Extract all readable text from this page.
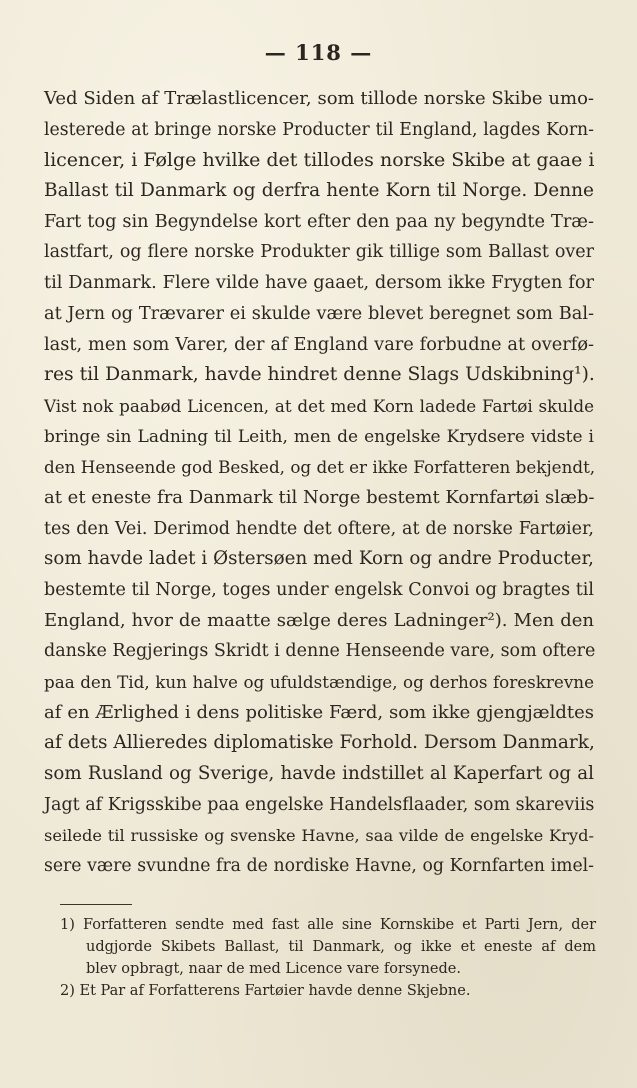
— 118 —
Ved Siden af Trælastlicencer, som tillode norske Skibe umo-
lesterede at bringe norske Producter til England, lagdes Korn-
licencer, i Følge hvilke det tillodes norske Skibe at gaae i
Ballast til Danmark og derfra hente Korn til Norge. Denne
Fart tog sin Begyndelse kort efter den paa ny begyndte Træ-
lastfart, og flere norske Produkter gik tillige som Ballast over
til Danmark. Flere vilde have gaaet, dersom ikke Frygten for
at Jern og Trævarer ei skulde være blevet beregnet som Bal-
last, men som Varer, der af England vare forbudne at overfø-
res til Danmark, havde hindret denne Slags Udskibning¹).
Vist nok paabød Licencen, at det med Korn ladede Fartøi skulde
bringe sin Ladning til Leith, men de engelske Krydsere vidste i
den Henseende god Besked, og det er ikke Forfatteren bekjendt,
at et eneste fra Danmark til Norge bestemt Kornfartøi slæb-
tes den Vei. Derimod hendte det oftere, at de norske Fartøier,
som havde ladet i Østersøen med Korn og andre Producter,
bestemte til Norge, toges under engelsk Convoi og bragtes til
England, hvor de maatte sælge deres Ladninger²). Men den
danske Regjerings Skridt i denne Henseende vare, som oftere
paa den Tid, kun halve og ufuldstændige, og derhos foreskrevne
af en Ærlighed i dens politiske Færd, som ikke gjengjældtes
af dets Allieredes diplomatiske Forhold. Dersom Danmark,
som Rusland og Sverige, havde indstillet al Kaperfart og al
Jagt af Krigsskibe paa engelske Handelsflaader, som skareviis
seilede til russiske og svenske Havne, saa vilde de engelske Kryd-
sere være svundne fra de nordiske Havne, og Kornfarten imel-
1) Forfatteren sendte med fast alle sine Kornskibe et Parti Jern, der
udgjorde Skibets Ballast, til Danmark, og ikke et eneste af dem
blev opbragt, naar de med Licence vare forsynede.
2) Et Par af Forfatterens Fartøier havde denne Skjebne.
